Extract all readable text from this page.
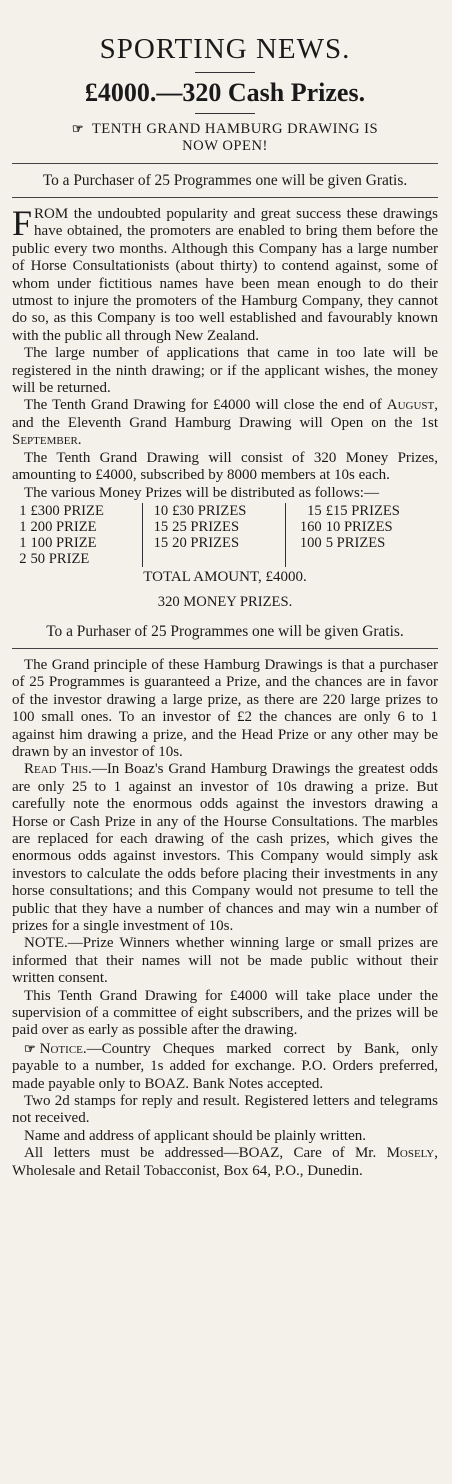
SPORTING NEWS.
£4000.—320 Cash Prizes.
☞ TENTH GRAND HAMBURG DRAWING IS
NOW OPEN!
To a Purchaser of 25 Programmes one will be given Gratis.

FROM the undoubted popularity and great success these drawings have obtained, the promoters are enabled to bring them before the public every two months. Although this Company has a large number of Horse Consultationists (about thirty) to contend against, some of whom under fictitious names have been mean enough to do their utmost to injure the promoters of the Hamburg Company, they cannot do so, as this Company is too well established and favourably known with the public all through New Zealand.

The large number of applications that came in too late will be registered in the ninth drawing; or if the applicant wishes, the money will be returned.

The Tenth Grand Drawing for £4000 will close the end of August, and the Eleventh Grand Hamburg Drawing will Open on the 1st September.

The Tenth Grand Drawing will consist of 320 Money Prizes, amounting to £4000, subscribed by 8000 members at 10s each.

The various Money Prizes will be distributed as follows:—

1	£300 PRIZE	10	£30 PRIZES	15	£15 PRIZES
1	200 PRIZE	15	25 PRIZES	160	10 PRIZES
1	100 PRIZE	15	20 PRIZES	100	5 PRIZES
2	50 PRIZE				
TOTAL AMOUNT, £4000.
320 MONEY PRIZES.
To a Purhaser of 25 Programmes one will be given Gratis.

The Grand principle of these Hamburg Drawings is that a purchaser of 25 Programmes is guaranteed a Prize, and the chances are in favor of the investor drawing a large prize, as there are 220 large prizes to 100 small ones. To an investor of £2 the chances are only 6 to 1 against him drawing a prize, and the Head Prize or any other may be drawn by an investor of 10s.

Read This.—In Boaz's Grand Hamburg Drawings the greatest odds are only 25 to 1 against an investor of 10s drawing a prize. But carefully note the enormous odds against the investors drawing a Horse or Cash Prize in any of the Hourse Consultations. The marbles are replaced for each drawing of the cash prizes, which gives the enormous odds against investors. This Company would simply ask investors to calculate the odds before placing their investments in any horse consultations; and this Company would not presume to tell the public that they have a number of chances and may win a number of prizes for a single investment of 10s.

NOTE.—Prize Winners whether winning large or small prizes are informed that their names will not be made public without their written consent.

This Tenth Grand Drawing for £4000 will take place under the supervision of a committee of eight subscribers, and the prizes will be paid over as early as possible after the drawing.

☞ Notice.—Country Cheques marked correct by Bank, only payable to a number, 1s added for exchange. P.O. Orders preferred, made payable only to BOAZ. Bank Notes accepted.

Two 2d stamps for reply and result. Registered letters and telegrams not received.

Name and address of applicant should be plainly written.

All letters must be addressed—BOAZ, Care of Mr. Mosely, Wholesale and Retail Tobacconist, Box 64, P.O., Dunedin.
